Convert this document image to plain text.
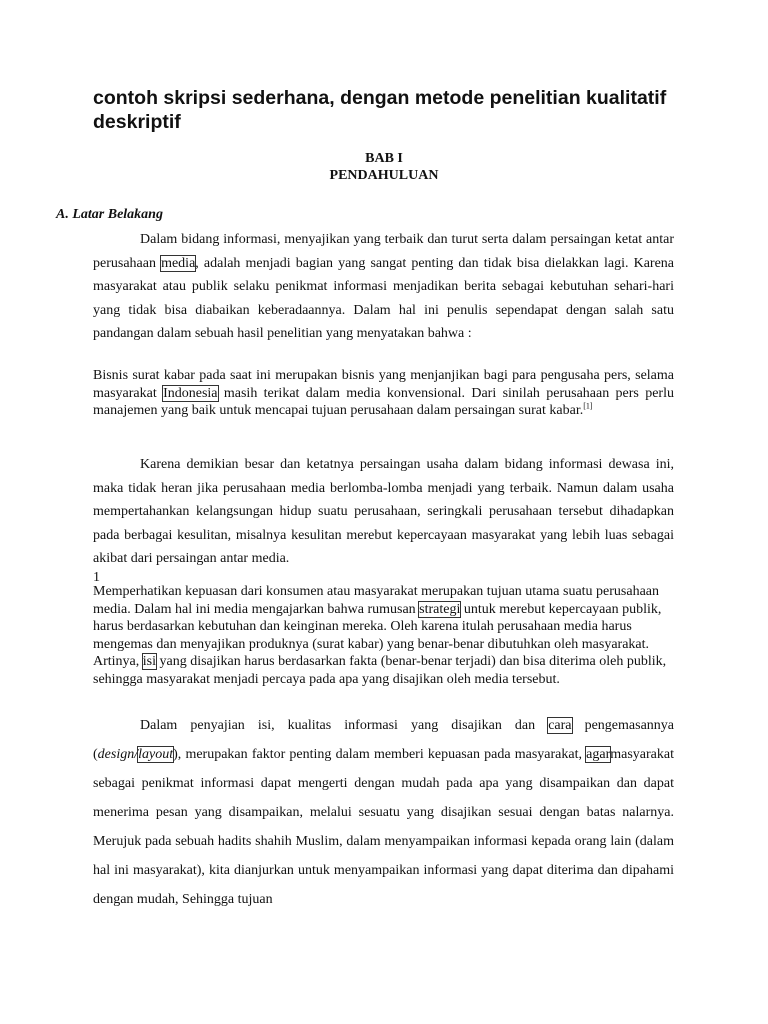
contoh skripsi sederhana, dengan metode penelitian kualitatif deskriptif
BAB I
PENDAHULUAN
A. Latar Belakang
Dalam bidang informasi, menyajikan yang terbaik dan turut serta dalam persaingan ketat antar perusahaan media, adalah menjadi bagian yang sangat penting dan tidak bisa dielakkan lagi. Karena masyarakat atau publik selaku penikmat informasi menjadikan berita sebagai kebutuhan sehari-hari yang tidak bisa diabaikan keberadaannya. Dalam hal ini penulis sependapat dengan salah satu pandangan dalam sebuah hasil penelitian yang menyatakan bahwa :
Bisnis surat kabar pada saat ini merupakan bisnis yang menjanjikan bagi para pengusaha pers, selama masyarakat Indonesia masih terikat dalam media konvensional. Dari sinilah perusahaan pers perlu manajemen yang baik untuk mencapai tujuan perusahaan dalam persaingan surat kabar.[1]
Karena demikian besar dan ketatnya persaingan usaha dalam bidang informasi dewasa ini, maka tidak heran jika perusahaan media berlomba-lomba menjadi yang terbaik. Namun dalam usaha mempertahankan kelangsungan hidup suatu perusahaan, seringkali perusahaan tersebut dihadapkan pada berbagai kesulitan, misalnya kesulitan merebut kepercayaan masyarakat yang lebih luas sebagai akibat dari persaingan antar media.
1
Memperhatikan kepuasan dari konsumen atau masyarakat merupakan tujuan utama suatu perusahaan media. Dalam hal ini media mengajarkan bahwa rumusan strategi untuk merebut kepercayaan publik, harus berdasarkan kebutuhan dan keinginan mereka. Oleh karena itulah perusahaan media harus mengemas dan menyajikan produknya (surat kabar) yang benar-benar dibutuhkan oleh masyarakat. Artinya, isi yang disajikan harus berdasarkan fakta (benar-benar terjadi) dan bisa diterima oleh publik, sehingga masyarakat menjadi percaya pada apa yang disajikan oleh media tersebut.
Dalam penyajian isi, kualitas informasi yang disajikan dan cara pengemasannya (design/layout), merupakan faktor penting dalam memberi kepuasan pada masyarakat, agarmasyarakat sebagai penikmat informasi dapat mengerti dengan mudah pada apa yang disampaikan dan dapat menerima pesan yang disampaikan, melalui sesuatu yang disajikan sesuai dengan batas nalarnya. Merujuk pada sebuah hadits shahih Muslim, dalam menyampaikan informasi kepada orang lain (dalam hal ini masyarakat), kita dianjurkan untuk menyampaikan informasi yang dapat diterima dan dipahami dengan mudah, Sehingga tujuan
